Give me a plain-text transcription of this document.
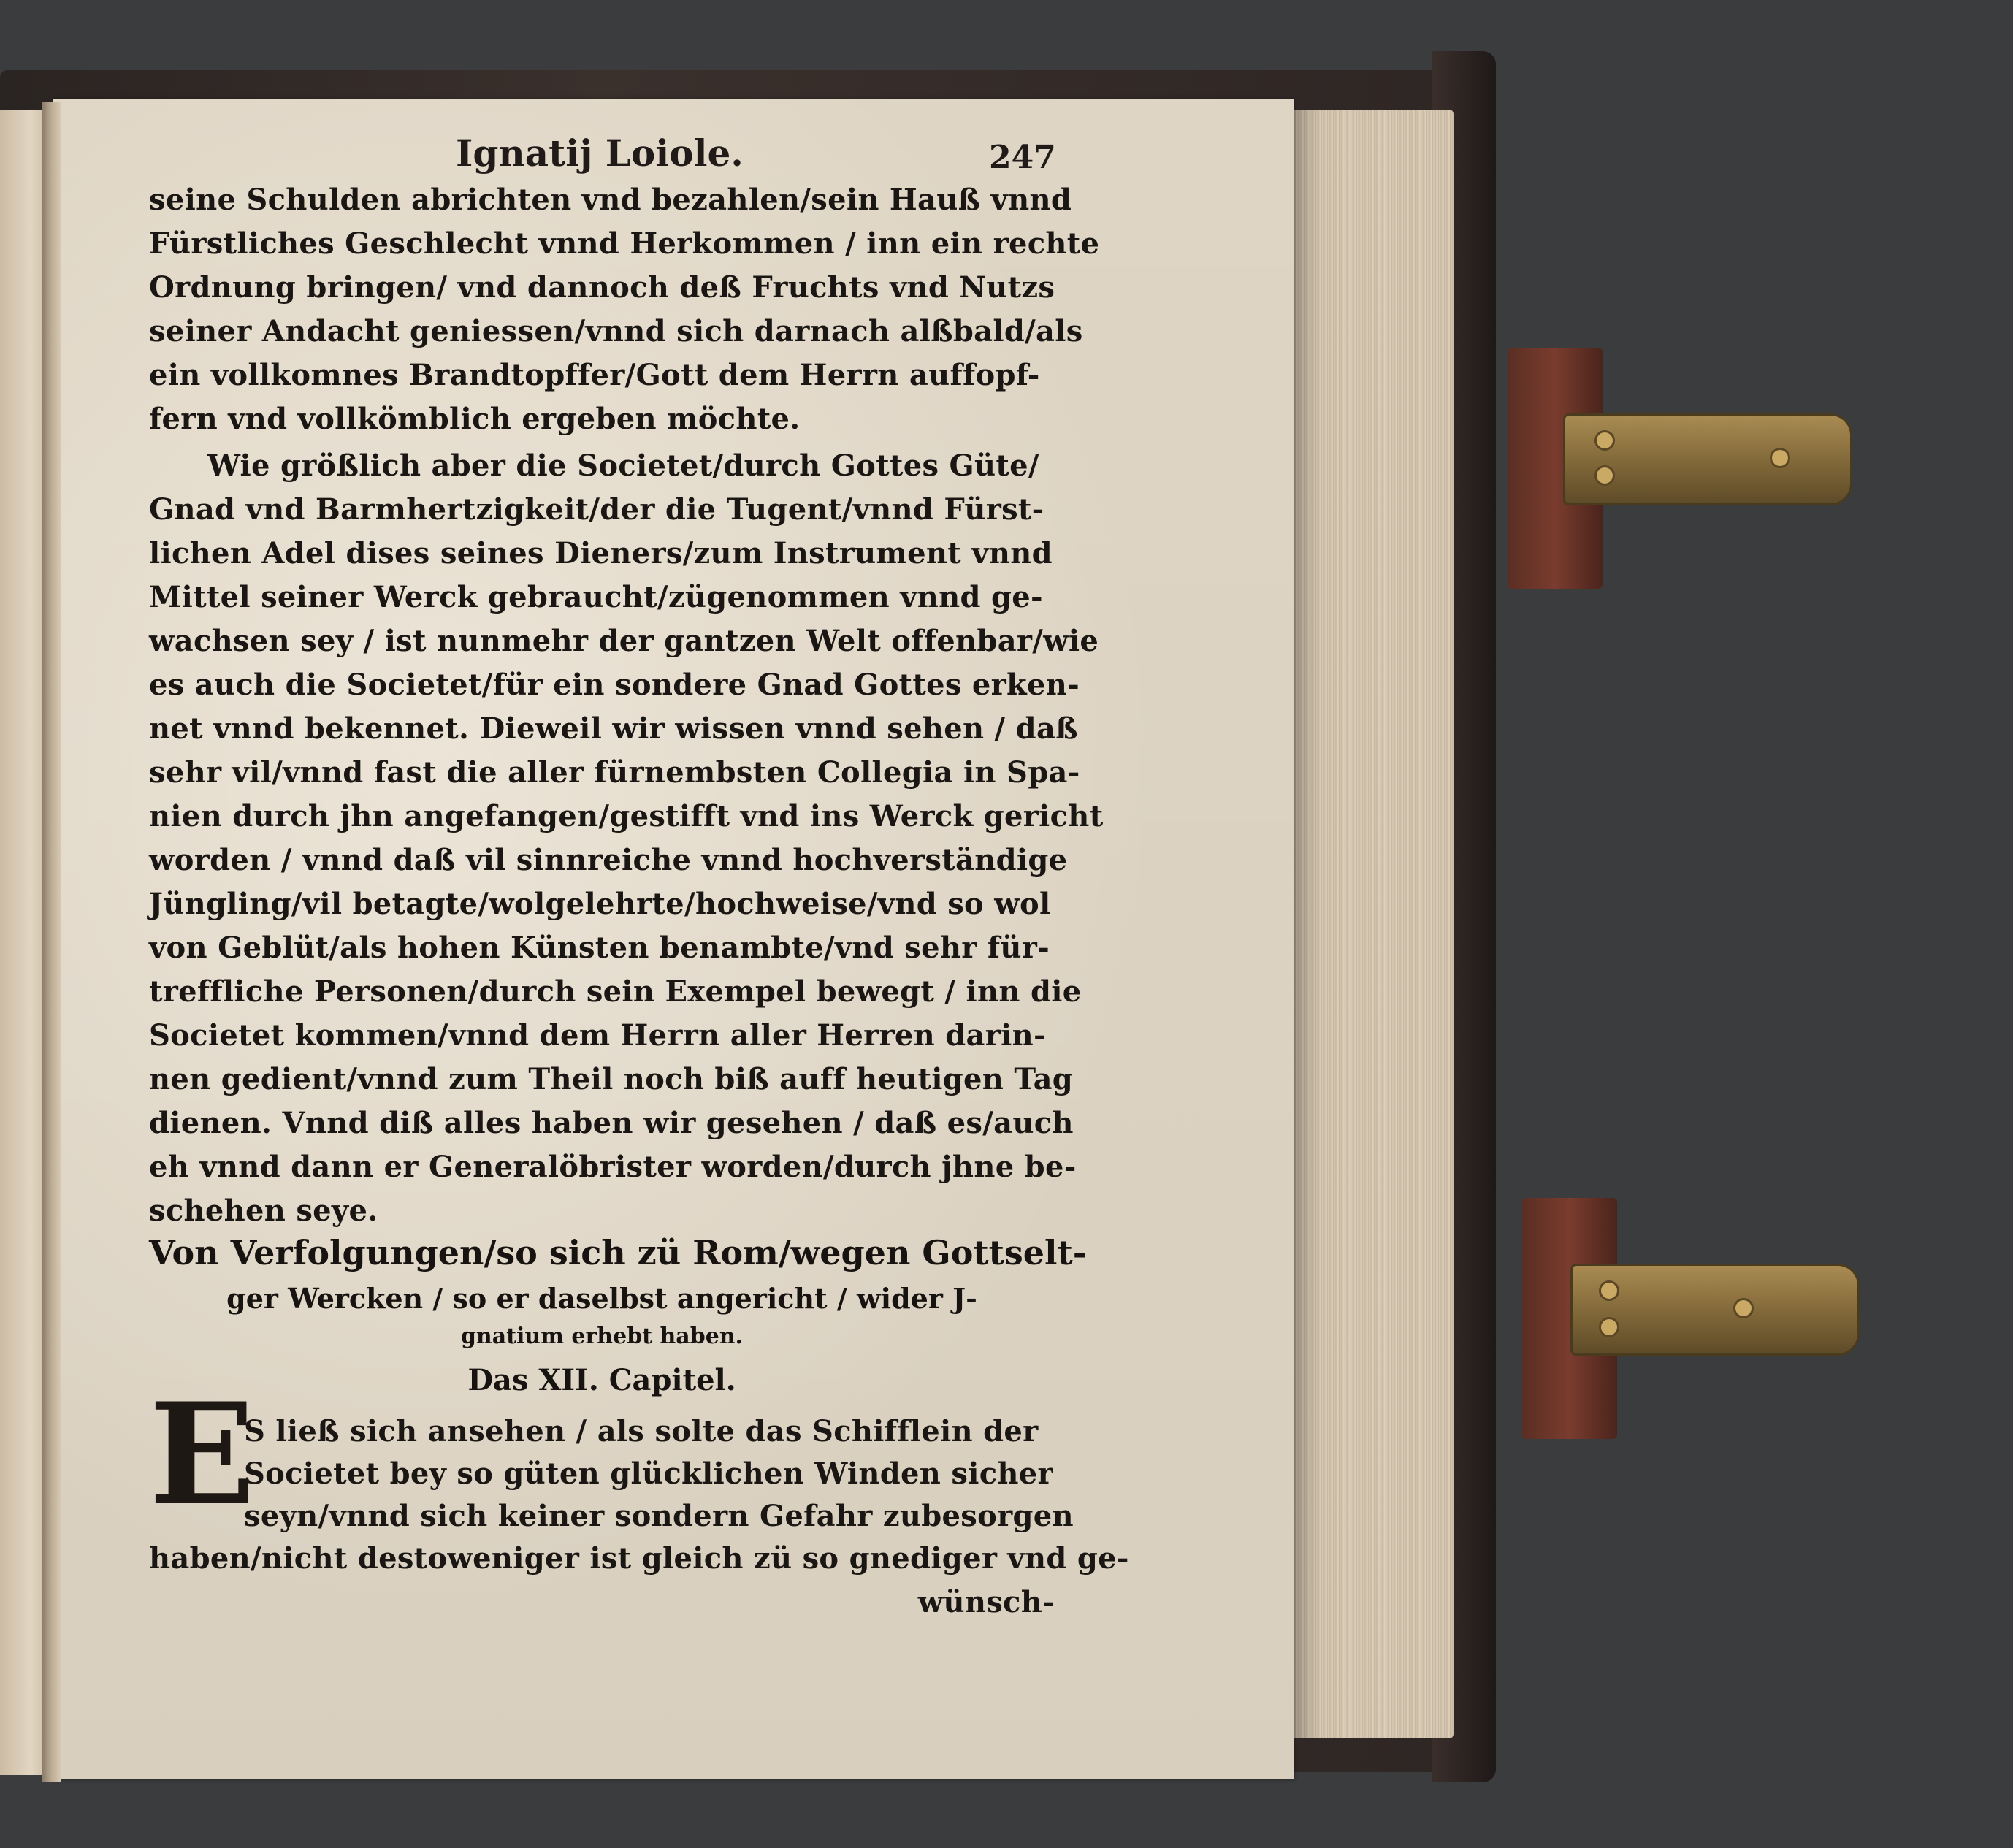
Ignatij Loiole.	247
seine Schulden abrichten vnd bezahlen/sein Hauß vnnd
Fürstliches Geschlecht vnnd Herkommen / inn ein rechte
Ordnung bringen/ vnd dannoch deß Fruchts vnd Nutzs
seiner Andacht geniessen/vnnd sich darnach alßbald/als
ein vollkomnes Brandtopffer/Gott dem Herrn auffopf-
fern vnd vollkömblich ergeben möchte.
Wie größlich aber die Societet/durch Gottes Güte/
Gnad vnd Barmhertzigkeit/der die Tugent/vnnd Fürst-
lichen Adel dises seines Dieners/zum Instrument vnnd
Mittel seiner Werck gebraucht/zügenommen vnnd ge-
wachsen sey / ist nunmehr der gantzen Welt offenbar/wie
es auch die Societet/für ein sondere Gnad Gottes erken-
net vnnd bekennet. Dieweil wir wissen vnnd sehen / daß
sehr vil/vnnd fast die aller fürnembsten Collegia in Spa-
nien durch jhn angefangen/gestifft vnd ins Werck gericht
worden / vnnd daß vil sinnreiche vnnd hochverständige
Jüngling/vil betagte/wolgelehrte/hochweise/vnd so wol
von Geblüt/als hohen Künsten benambte/vnd sehr für-
treffliche Personen/durch sein Exempel bewegt / inn die
Societet kommen/vnnd dem Herrn aller Herren darin-
nen gedient/vnnd zum Theil noch biß auff heutigen Tag
dienen. Vnnd diß alles haben wir gesehen / daß es/auch
eh vnnd dann er Generalöbrister worden/durch jhne be-
schehen seye.
Von Verfolgungen/so sich zü Rom/wegen Gottselt-
ger Wercken / so er daselbst angericht / wider J-
gnatium erhebt haben.
Das XII. Capitel.
E
S ließ sich ansehen / als solte das Schifflein der
Societet bey so güten glücklichen Winden sicher
seyn/vnnd sich keiner sondern Gefahr zubesorgen
haben/nicht destoweniger ist gleich zü so gnediger vnd ge-
wünsch-
